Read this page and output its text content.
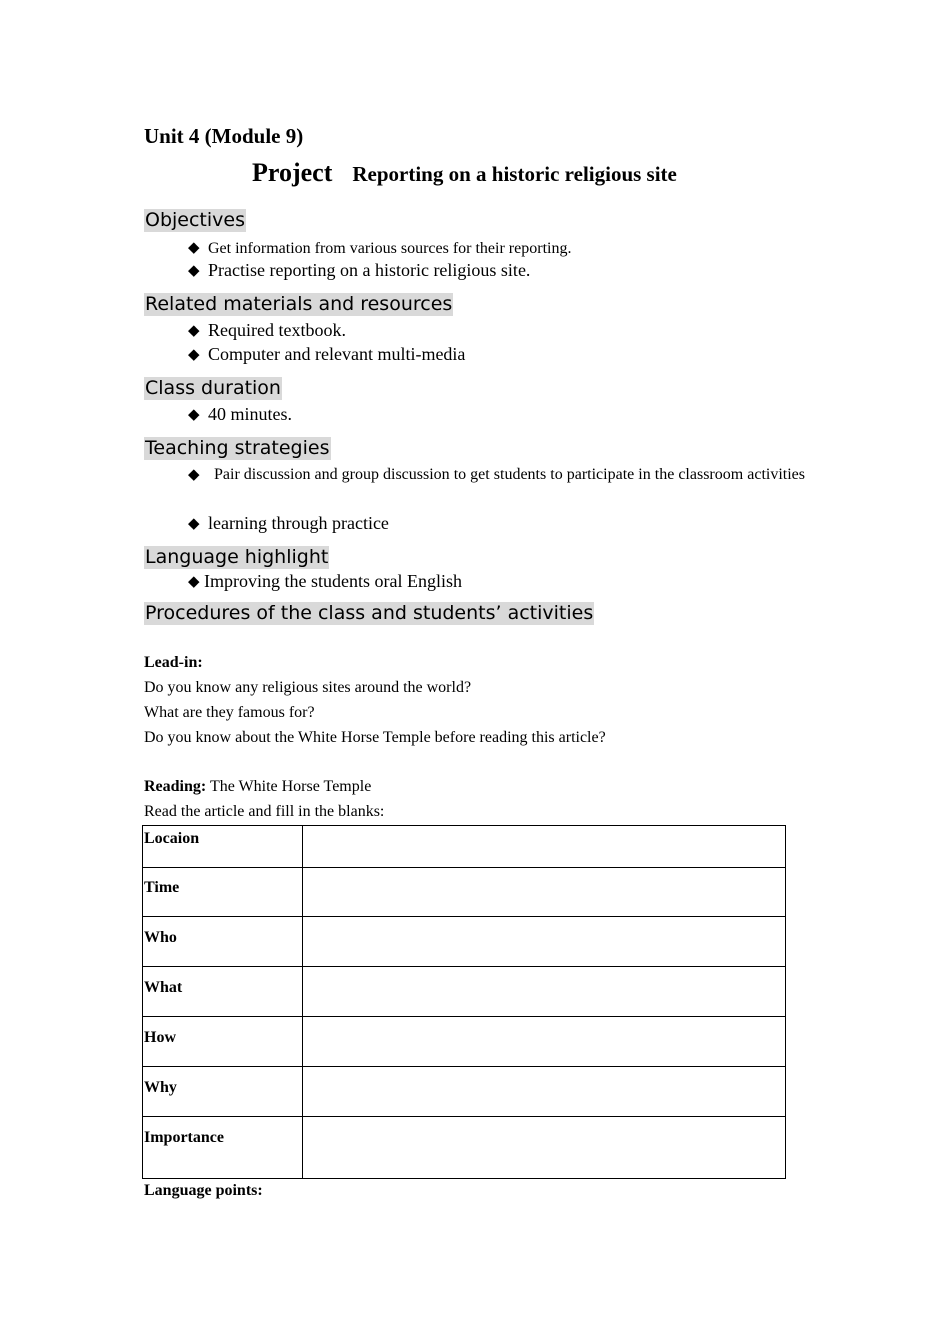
Unit 4 (Module 9)
Project Reporting on a historic religious site
Objectives
◆ Get information from various sources for their reporting.
◆ Practise reporting on a historic religious site.
Related materials and resources
◆ Required textbook.
◆ Computer and relevant multi-media
Class duration
◆ 40 minutes.
Teaching strategies
◆ Pair discussion and group discussion to get students to participate in the classroom activities
◆ learning through practice
Language highlight
◆ Improving the students oral English
Procedures of the class and students’ activities
Lead-in:
Do you know any religious sites around the world?
What are they famous for?
Do you know about the White Horse Temple before reading this article?
Reading: The White Horse Temple
Read the article and fill in the blanks:
Locaion	
Time	
Who	
What	
How	
Why	
Importance	
Language points:
